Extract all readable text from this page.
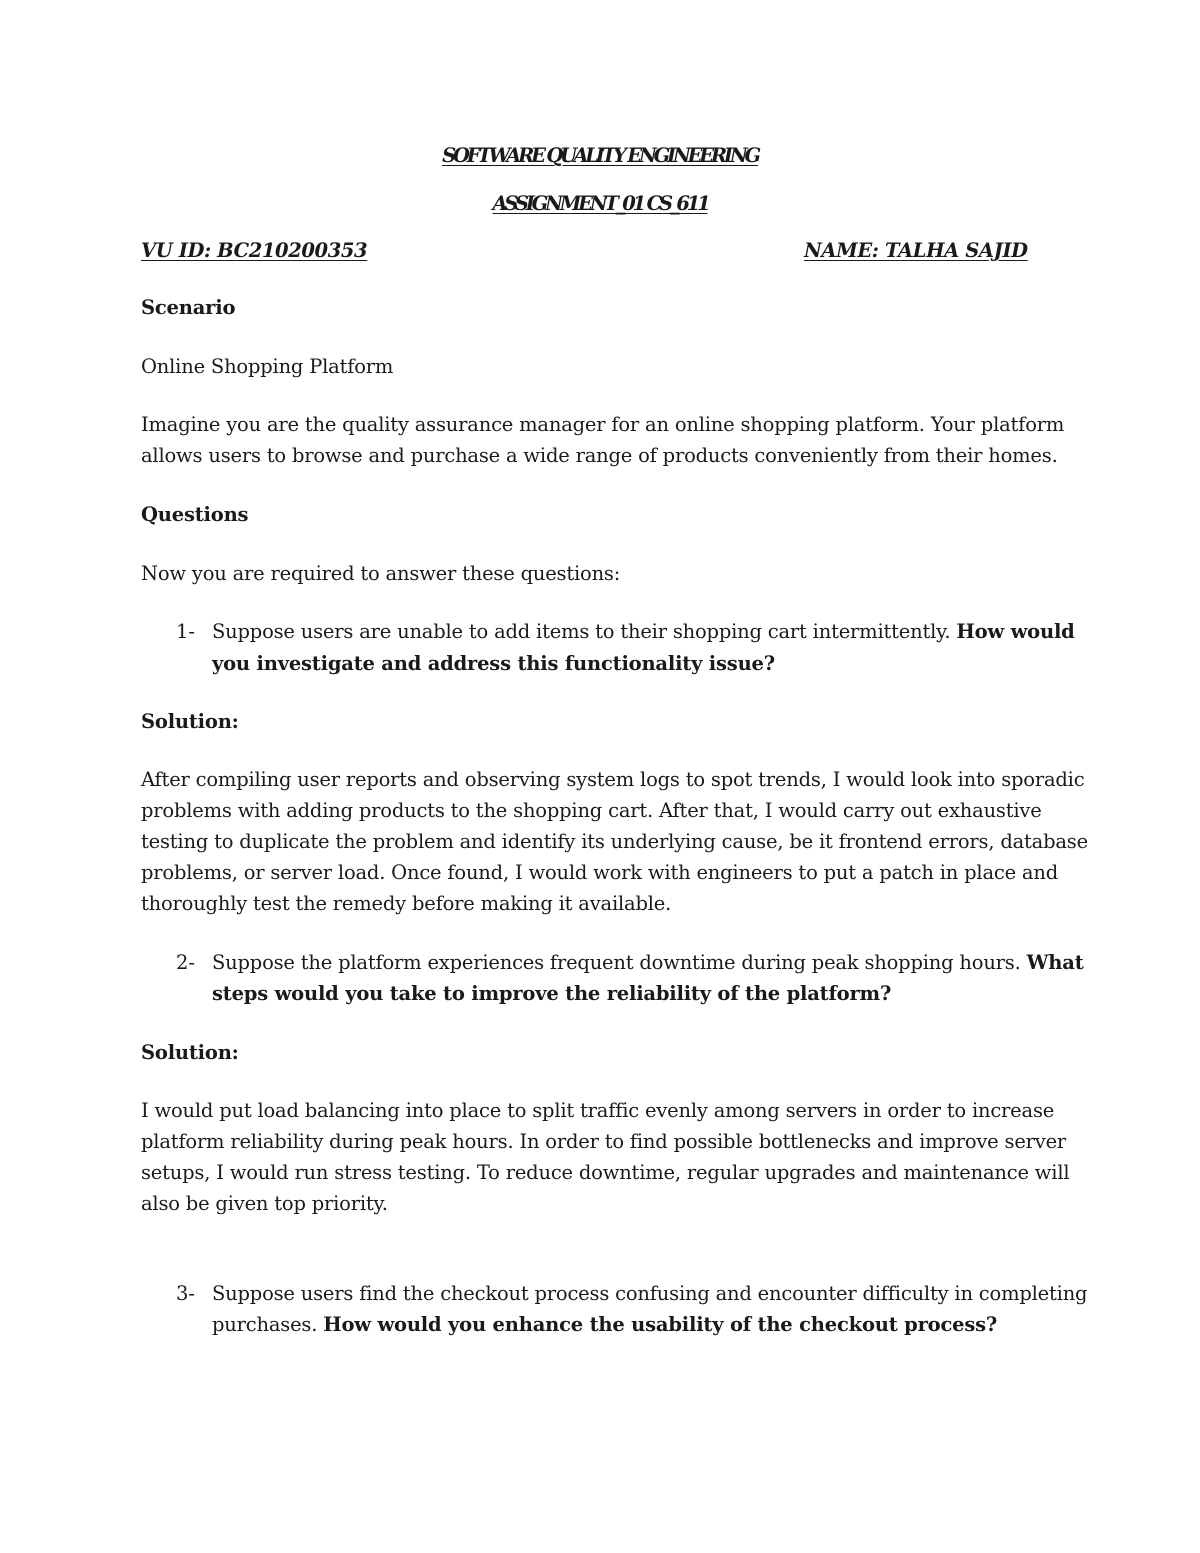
SOFTWARE QUALITY ENGINEERING
ASSIGNMENT_01 CS_611
VU ID: BC210200353	NAME: TALHA SAJID
Scenario
Online Shopping Platform
Imagine you are the quality assurance manager for an online shopping platform. Your platform
allows users to browse and purchase a wide range of products conveniently from their homes.
Questions
Now you are required to answer these questions:
1- Suppose users are unable to add items to their shopping cart intermittently. How would
you investigate and address this functionality issue?
Solution:
After compiling user reports and observing system logs to spot trends, I would look into sporadic
problems with adding products to the shopping cart. After that, I would carry out exhaustive
testing to duplicate the problem and identify its underlying cause, be it frontend errors, database
problems, or server load. Once found, I would work with engineers to put a patch in place and
thoroughly test the remedy before making it available.
2- Suppose the platform experiences frequent downtime during peak shopping hours. What
steps would you take to improve the reliability of the platform?
Solution:
I would put load balancing into place to split traffic evenly among servers in order to increase
platform reliability during peak hours. In order to find possible bottlenecks and improve server
setups, I would run stress testing. To reduce downtime, regular upgrades and maintenance will
also be given top priority.
3- Suppose users find the checkout process confusing and encounter difficulty in completing
purchases. How would you enhance the usability of the checkout process?
